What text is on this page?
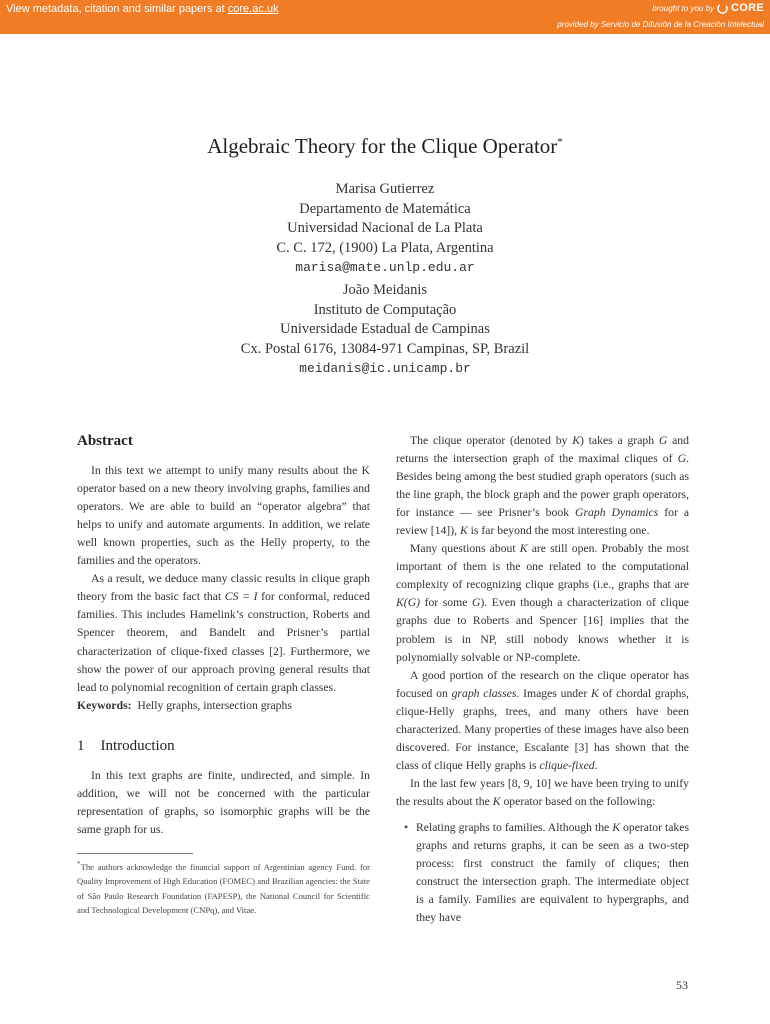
View metadata, citation and similar papers at core.ac.uk	brought to you by CORE
provided by Servicio de Difusión de la Creación Intelectual
Algebraic Theory for the Clique Operator*
Marisa Gutierrez
Departamento de Matemática
Universidad Nacional de La Plata
C. C. 172, (1900) La Plata, Argentina
marisa@mate.unlp.edu.ar
João Meidanis
Instituto de Computação
Universidade Estadual de Campinas
Cx. Postal 6176, 13084-971 Campinas, SP, Brazil
meidanis@ic.unicamp.br
Abstract

In this text we attempt to unify many results about the K operator based on a new theory involving graphs, families and operators. We are able to build an “operator algebra” that helps to unify and automate arguments. In addition, we relate well known properties, such as the Helly property, to the families and the operators.

As a result, we deduce many classic results in clique graph theory from the basic fact that CS = I for conformal, reduced families. This includes Hamelink’s construction, Roberts and Spencer theorem, and Bandelt and Prisner’s partial characterization of clique-fixed classes [2]. Furthermore, we show the power of our approach proving general results that lead to polynomial recognition of certain graph classes.

Keywords: Helly graphs, intersection graphs

1 Introduction

In this text graphs are finite, undirected, and simple. In addition, we will not be concerned with the particular representation of graphs, so isomorphic graphs will be the same graph for us.

*The authors acknowledge the financial support of Argentinian agency Fund. for Quality Improvement of High Education (FOMEC) and Brazilian agencies: the State of São Paulo Research Foundation (FAPESP), the National Council for Scientific and Technological Development (CNPq), and Vitae.

The clique operator (denoted by K) takes a graph G and returns the intersection graph of the maximal cliques of G. Besides being among the best studied graph operators (such as the line graph, the block graph and the power graph operators, for instance — see Prisner’s book Graph Dynamics for a review [14]), K is far beyond the most interesting one.

Many questions about K are still open. Probably the most important of them is the one related to the computational complexity of recognizing clique graphs (i.e., graphs that are K(G) for some G). Even though a characterization of clique graphs due to Roberts and Spencer [16] implies that the problem is in NP, still nobody knows whether it is polynomially solvable or NP-complete.

A good portion of the research on the clique operator has focused on graph classes. Images under K of chordal graphs, clique-Helly graphs, trees, and many others have been characterized. Many properties of these images have also been discovered. For instance, Escalante [3] has shown that the class of clique Helly graphs is clique-fixed.

In the last few years [8, 9, 10] we have been trying to unify the results about the K operator based on the following:

• Relating graphs to families. Although the K operator takes graphs and returns graphs, it can be seen as a two-step process: first construct the family of cliques; then construct the intersection graph. The intermediate object is a family. Families are equivalent to hypergraphs, and they have

53
